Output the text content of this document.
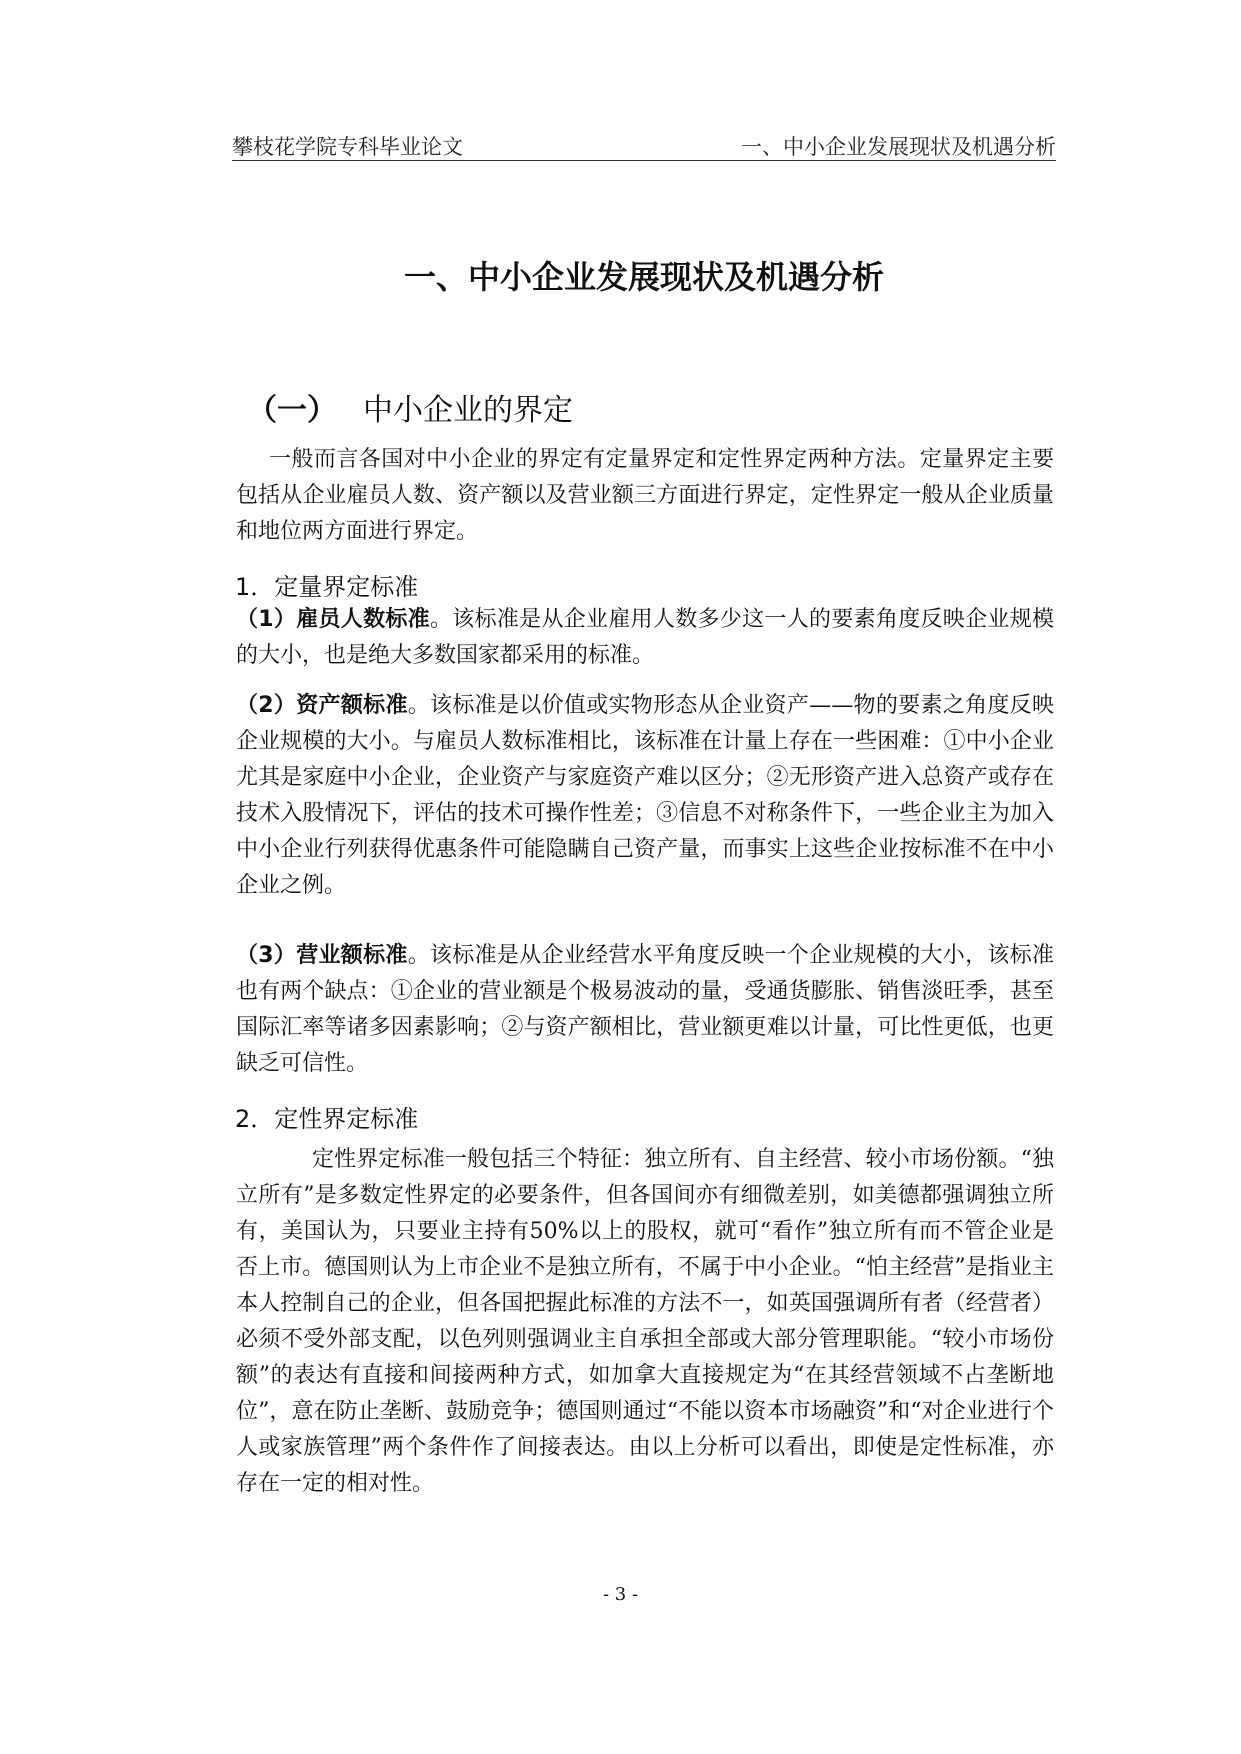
攀枝花学院专科毕业论文	一、中小企业发展现状及机遇分析
一、中小企业发展现状及机遇分析
（一） 中小企业的界定

一般而言各国对中小企业的界定有定量界定和定性界定两种方法。定量界定主要包括从企业雇员人数、资产额以及营业额三方面进行界定，定性界定一般从企业质量和地位两方面进行界定。

1．定量界定标准

（1）雇员人数标准。该标准是从企业雇用人数多少这一人的要素角度反映企业规模的大小，也是绝大多数国家都采用的标准。

（2）资产额标准。该标准是以价值或实物形态从企业资产——物的要素之角度反映企业规模的大小。与雇员人数标准相比，该标准在计量上存在一些困难：①中小企业尤其是家庭中小企业，企业资产与家庭资产难以区分；②无形资产进入总资产或存在技术入股情况下，评估的技术可操作性差；③信息不对称条件下，一些企业主为加入中小企业行列获得优惠条件可能隐瞒自己资产量，而事实上这些企业按标准不在中小企业之例。

（3）营业额标准。该标准是从企业经营水平角度反映一个企业规模的大小，该标准也有两个缺点：①企业的营业额是个极易波动的量，受通货膨胀、销售淡旺季，甚至国际汇率等诸多因素影响；②与资产额相比，营业额更难以计量，可比性更低，也更缺乏可信性。

2．定性界定标准

定性界定标准一般包括三个特征：独立所有、自主经营、较小市场份额。“独立所有”是多数定性界定的必要条件，但各国间亦有细微差别，如美德都强调独立所有，美国认为，只要业主持有50%以上的股权，就可“看作”独立所有而不管企业是否上市。德国则认为上市企业不是独立所有，不属于中小企业。“怕主经营”是指业主本人控制自己的企业，但各国把握此标准的方法不一，如英国强调所有者（经营者）必须不受外部支配，以色列则强调业主自承担全部或大部分管理职能。“较小市场份额”的表达有直接和间接两种方式，如加拿大直接规定为“在其经营领域不占垄断地位”，意在防止垄断、鼓励竞争；德国则通过“不能以资本市场融资”和“对企业进行个人或家族管理”两个条件作了间接表达。由以上分析可以看出，即使是定性标准，亦存在一定的相对性。

- 3 -
